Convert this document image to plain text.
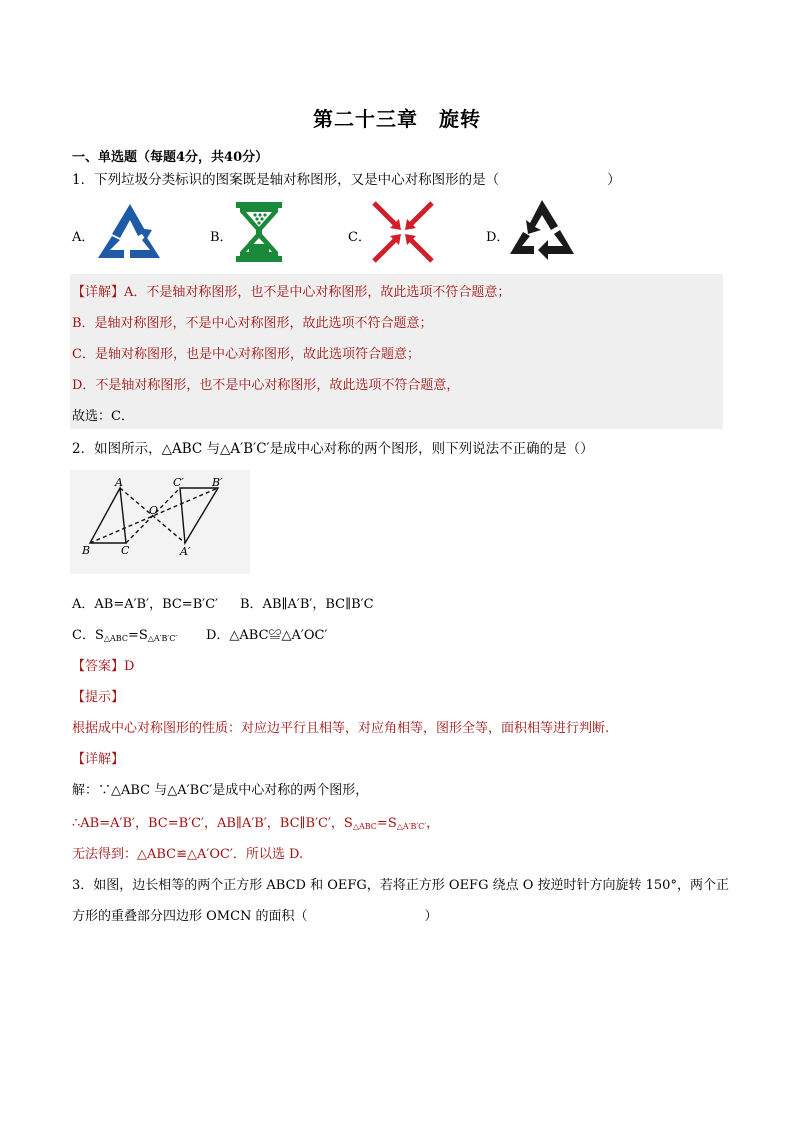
第二十三章　旋转
一、单选题（每题4分，共40分）
1．下列垃圾分类标识的图案既是轴对称图形，又是中心对称图形的是（　　　　　　　　）
A．	B．	C．	D．
【详解】A．不是轴对称图形，也不是中心对称图形，故此选项不符合题意；
B．是轴对称图形，不是中心对称图形，故此选项不符合题意；
C．是轴对称图形，也是中心对称图形，故此选项符合题意；
D．不是轴对称图形，也不是中心对称图形，故此选项不符合题意，
故选：C．
2．如图所示，△ABC 与△A′B′C′是成中心对称的两个图形，则下列说法不正确的是（）
A
B	C
O
C′	B′
A′
A．AB=A′B′，BC=B′C′ B．AB∥A′B′，BC∥B′C
C．$S_{\triangle ABC}=S_{\triangle A'B'C'}$ D．△ABC≌△A′OC′
【答案】D
【提示】
根据成中心对称图形的性质：对应边平行且相等，对应角相等，图形全等，面积相等进行判断.
【详解】
解：∵△ABC 与△A′BC′是成中心对称的两个图形，
∴AB=A′B′，BC=B′C′，AB∥A′B′，BC∥B′C′，$S_{\triangle ABC}=S_{\triangle A'B'C'}$，
无法得到：△ABC≌△A′OC′．所以选 D.
3．如图，边长相等的两个正方形 ABCD 和 OEFG，若将正方形 OEFG 绕点 O 按逆时针方向旋转 150°，两个正
方形的重叠部分四边形 OMCN 的面积（　　　　　　　　　）
